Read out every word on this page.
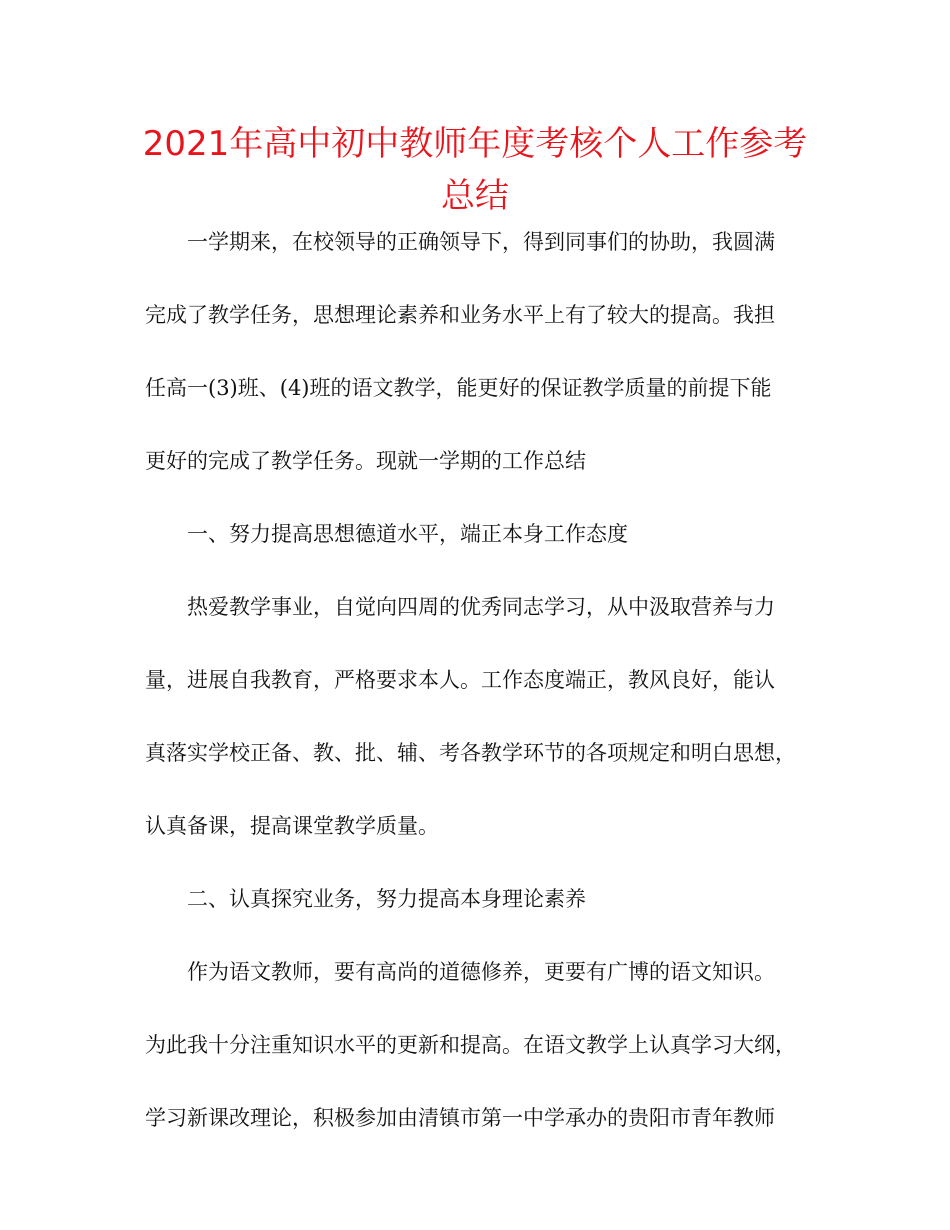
2021年高中初中教师年度考核个人工作参考总结
一学期来，在校领导的正确领导下，得到同事们的协助，我圆满
完成了教学任务，思想理论素养和业务水平上有了较大的提高。我担
任高一(3)班、(4)班的语文教学，能更好的保证教学质量的前提下能
更好的完成了教学任务。现就一学期的工作总结
一、努力提高思想德道水平，端正本身工作态度
热爱教学事业，自觉向四周的优秀同志学习，从中汲取营养与力
量，进展自我教育，严格要求本人。工作态度端正，教风良好，能认
真落实学校正备、教、批、辅、考各教学环节的各项规定和明白思想，
认真备课，提高课堂教学质量。
二、认真探究业务，努力提高本身理论素养
作为语文教师，要有高尚的道德修养，更要有广博的语文知识。
为此我十分注重知识水平的更新和提高。在语文教学上认真学习大纲，
学习新课改理论，积极参加由清镇市第一中学承办的贵阳市青年教师
